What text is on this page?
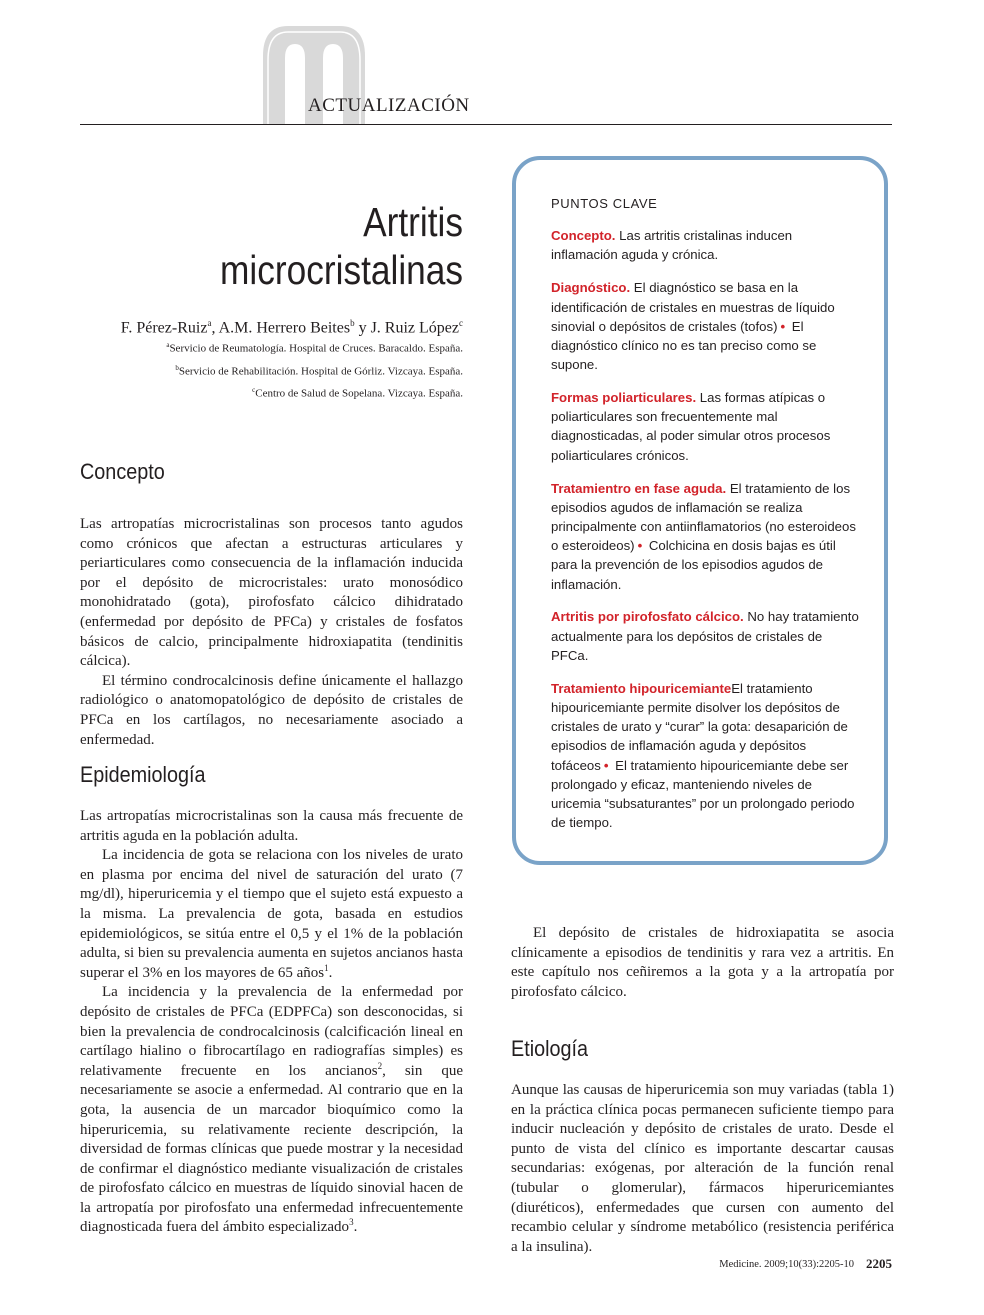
ACTUALIZACIÓN
Artritis
microcristalinas
F. Pérez-Ruiz$^a$, A.M. Herrero Beites$^b$ y J. Ruiz López$^c$
$^a$Servicio de Reumatología. Hospital de Cruces. Baracaldo. España.
$^b$Servicio de Rehabilitación. Hospital de Górliz. Vizcaya. España.
$^c$Centro de Salud de Sopelana. Vizcaya. España.
Concepto

Las artropatías microcristalinas son procesos tanto agudos como crónicos que afectan a estructuras articulares y periarticulares como consecuencia de la inflamación inducida por el depósito de microcristales: urato monosódico monohidratado (gota), pirofosfato cálcico dihidratado (enfermedad por depósito de PFCa) y cristales de fosfatos básicos de calcio, principalmente hidroxiapatita (tendinitis cálcica).

El término condrocalcinosis define únicamente el hallazgo radiológico o anatomopatológico de depósito de cristales de PFCa en los cartílagos, no necesariamente asociado a enfermedad.

Epidemiología

Las artropatías microcristalinas son la causa más frecuente de artritis aguda en la población adulta.

La incidencia de gota se relaciona con los niveles de urato en plasma por encima del nivel de saturación del urato (7 mg/dl), hiperuricemia y el tiempo que el sujeto está expuesto a la misma. La prevalencia de gota, basada en estudios epidemiológicos, se sitúa entre el 0,5 y el 1% de la población adulta, si bien su prevalencia aumenta en sujetos ancianos hasta superar el 3% en los mayores de 65 años$^1$.

La incidencia y la prevalencia de la enfermedad por depósito de cristales de PFCa (EDPFCa) son desconocidas, si bien la prevalencia de condrocalcinosis (calcificación lineal en cartílago hialino o fibrocartílago en radiografías simples) es relativamente frecuente en los ancianos$^2$, sin que necesariamente se asocie a enfermedad. Al contrario que en la gota, la ausencia de un marcador bioquímico como la hiperuricemia, su relativamente reciente descripción, la diversidad de formas clínicas que puede mostrar y la necesidad de confirmar el diagnóstico mediante visualización de cristales de pirofosfato cálcico en muestras de líquido sinovial hacen de la artropatía por pirofosfato una enfermedad infrecuentemente diagnosticada fuera del ámbito especializado$^3$.

PUNTOS CLAVE
Concepto. Las artritis cristalinas inducen inflamación aguda y crónica.
Diagnóstico. El diagnóstico se basa en la identificación de cristales en muestras de líquido sinovial o depósitos de cristales (tofos) • El diagnóstico clínico no es tan preciso como se supone.
Formas poliarticulares. Las formas atípicas o poliarticulares son frecuentemente mal diagnosticadas, al poder simular otros procesos poliarticulares crónicos.
Tratamientro en fase aguda. El tratamiento de los episodios agudos de inflamación se realiza principalmente con antiinflamatorios (no esteroideos o esteroideos) • Colchicina en dosis bajas es útil para la prevención de los episodios agudos de inflamación.
Artritis por pirofosfato cálcico. No hay tratamiento actualmente para los depósitos de cristales de PFCa.
Tratamiento hipouricemianteEl tratamiento hipouricemiante permite disolver los depósitos de cristales de urato y “curar” la gota: desaparición de episodios de inflamación aguda y depósitos tofáceos • El tratamiento hipouricemiante debe ser prolongado y eficaz, manteniendo niveles de uricemia “subsaturantes” por un prolongado periodo de tiempo.

El depósito de cristales de hidroxiapatita se asocia clínicamente a episodios de tendinitis y rara vez a artritis. En este capítulo nos ceñiremos a la gota y a la artropatía por pirofosfato cálcico.

Etiología

Aunque las causas de hiperuricemia son muy variadas (tabla 1) en la práctica clínica pocas permanecen suficiente tiempo para inducir nucleación y depósito de cristales de urato. Desde el punto de vista del clínico es importante descartar causas secundarias: exógenas, por alteración de la función renal (tubular o glomerular), fármacos hiperuricemiantes (diuréticos), enfermedades que cursen con aumento del recambio celular y síndrome metabólico (resistencia periférica a la insulina).

Medicine. 2009;10(33):2205-10 2205
